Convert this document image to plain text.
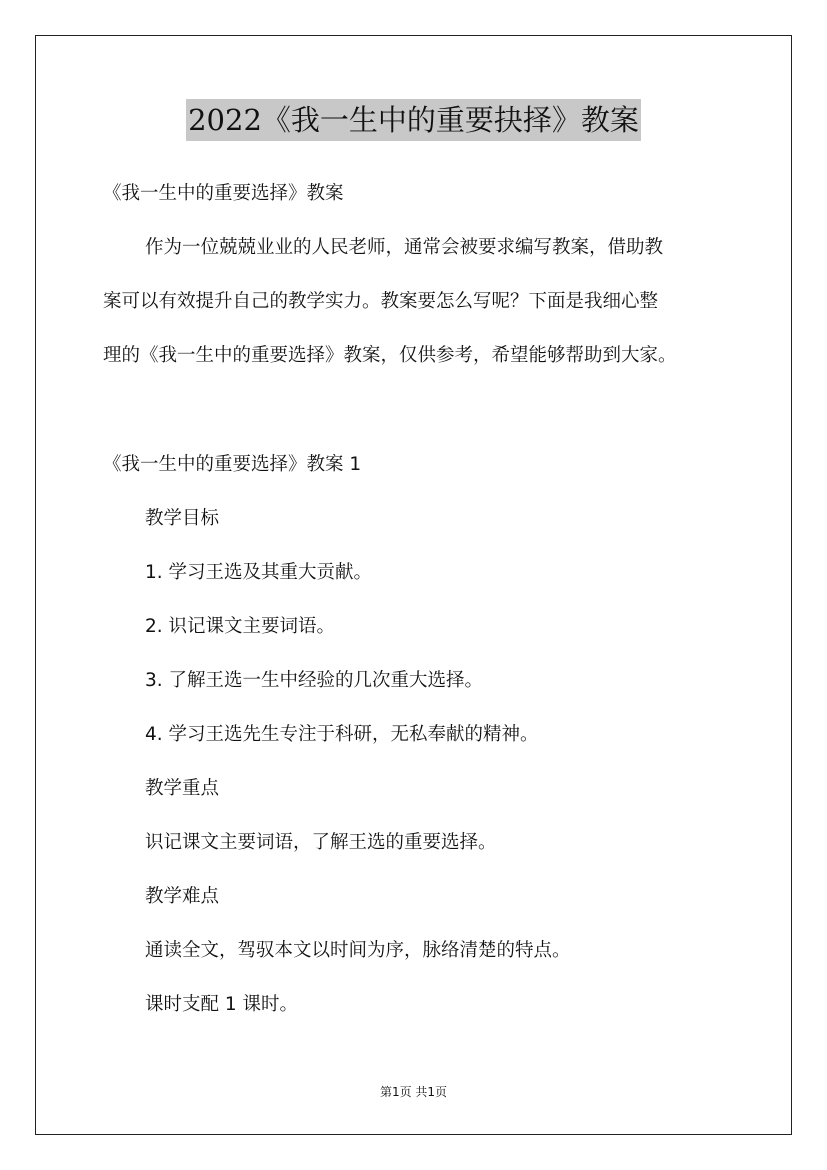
2022《我一生中的重要抉择》教案
《我一生中的重要选择》教案
作为一位兢兢业业的人民老师，通常会被要求编写教案，借助教
案可以有效提升自己的教学实力。教案要怎么写呢？下面是我细心整
理的《我一生中的重要选择》教案，仅供参考，希望能够帮助到大家。
《我一生中的重要选择》教案 1
教学目标
1. 学习王选及其重大贡献。
2. 识记课文主要词语。
3. 了解王选一生中经验的几次重大选择。
4. 学习王选先生专注于科研，无私奉献的精神。
教学重点
识记课文主要词语，了解王选的重要选择。
教学难点
通读全文，驾驭本文以时间为序，脉络清楚的特点。
课时支配 1 课时。
第1页 共1页
